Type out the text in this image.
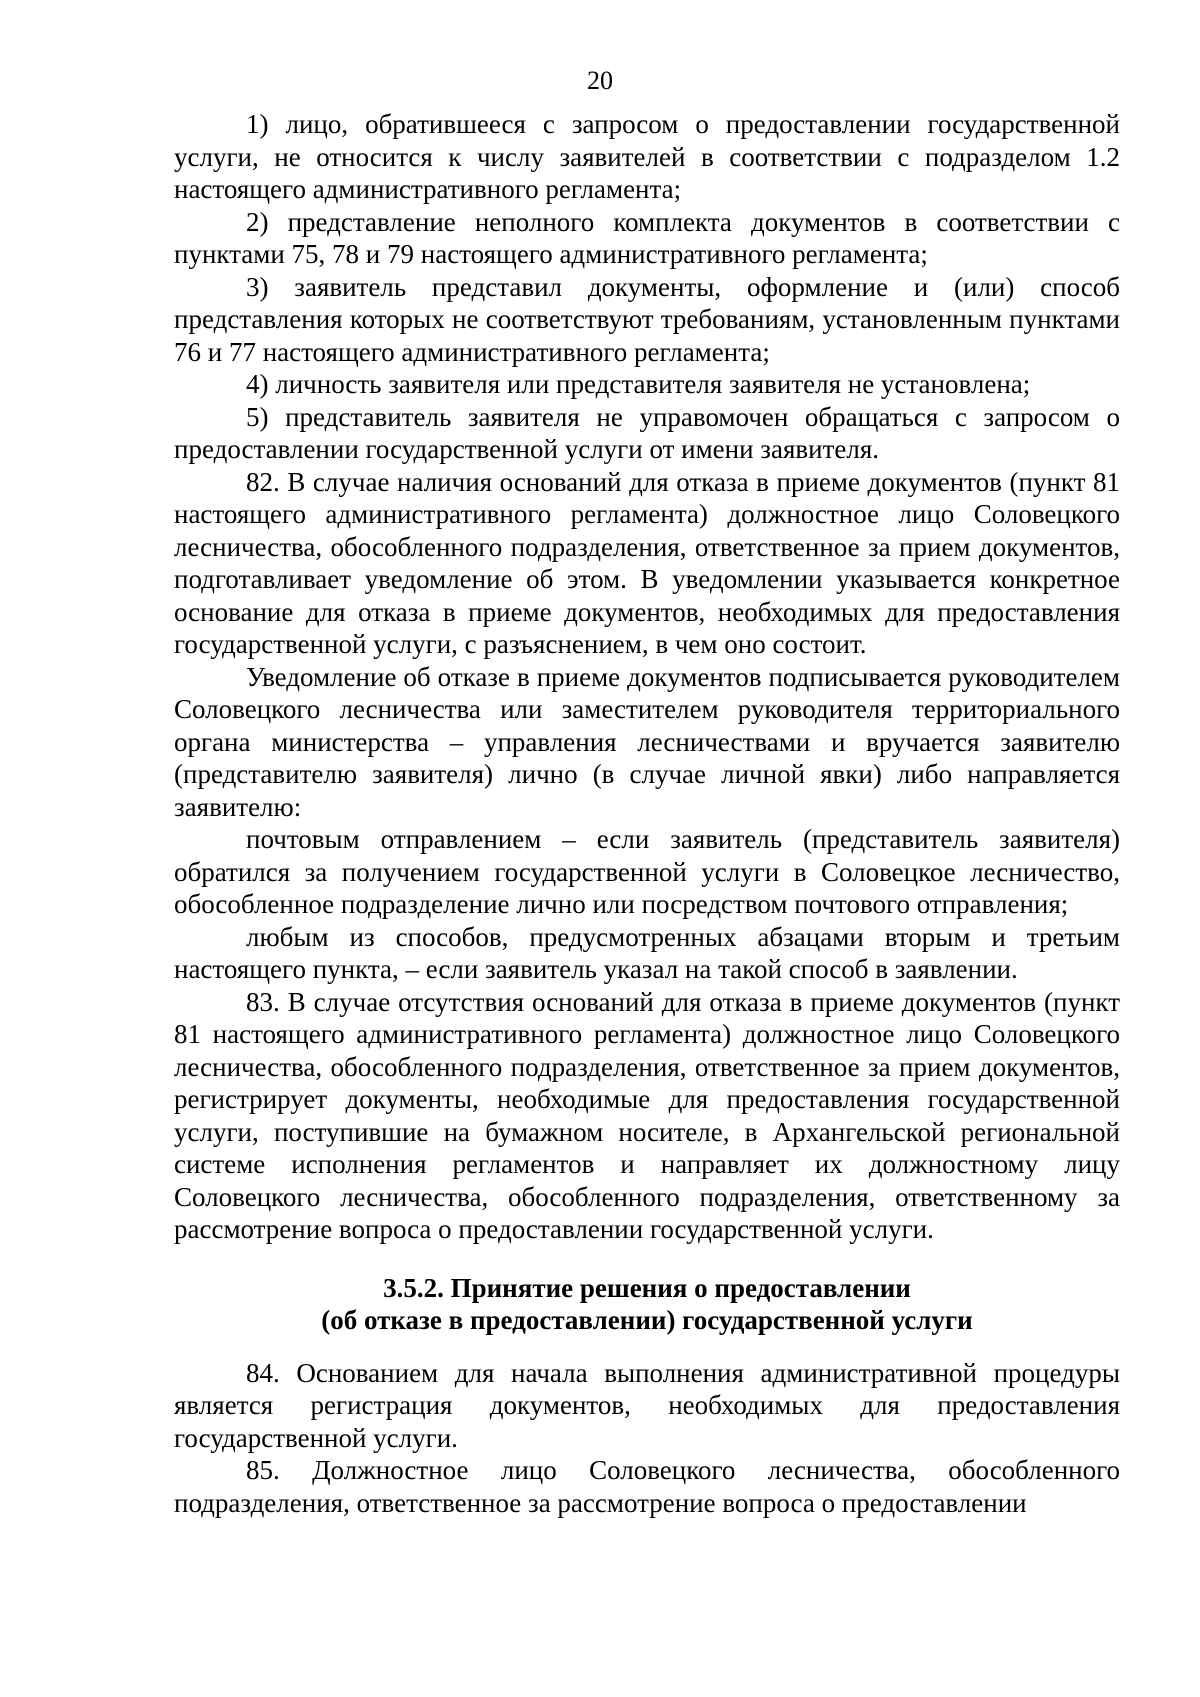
20

1) лицо, обратившееся с запросом о предоставлении государственной услуги, не относится к числу заявителей в соответствии с подразделом 1.2 настоящего административного регламента;

2) представление неполного комплекта документов в соответствии с пунктами 75, 78 и 79 настоящего административного регламента;

3) заявитель представил документы, оформление и (или) способ представления которых не соответствуют требованиям, установленным пунктами 76 и 77 настоящего административного регламента;

4) личность заявителя или представителя заявителя не установлена;

5) представитель заявителя не управомочен обращаться с запросом о предоставлении государственной услуги от имени заявителя.

82. В случае наличия оснований для отказа в приеме документов (пункт 81 настоящего административного регламента) должностное лицо Соловецкого лесничества, обособленного подразделения, ответственное за прием документов, подготавливает уведомление об этом. В уведомлении указывается конкретное основание для отказа в приеме документов, необходимых для предоставления государственной услуги, с разъяснением, в чем оно состоит.

Уведомление об отказе в приеме документов подписывается руководителем Соловецкого лесничества или заместителем руководителя территориального органа министерства – управления лесничествами и вручается заявителю (представителю заявителя) лично (в случае личной явки) либо направляется заявителю:

почтовым отправлением – если заявитель (представитель заявителя) обратился за получением государственной услуги в Соловецкое лесничество, обособленное подразделение лично или посредством почтового отправления;

любым из способов, предусмотренных абзацами вторым и третьим настоящего пункта, – если заявитель указал на такой способ в заявлении.

83. В случае отсутствия оснований для отказа в приеме документов (пункт 81 настоящего административного регламента) должностное лицо Соловецкого лесничества, обособленного подразделения, ответственное за прием документов, регистрирует документы, необходимые для предоставления государственной услуги, поступившие на бумажном носителе, в Архангельской региональной системе исполнения регламентов и направляет их должностному лицу Соловецкого лесничества, обособленного подразделения, ответственному за рассмотрение вопроса о предоставлении государственной услуги.

3.5.2. Принятие решения о предоставлении
(об отказе в предоставлении) государственной услуги

84. Основанием для начала выполнения административной процедуры является регистрация документов, необходимых для предоставления государственной услуги.

85. Должностное лицо Соловецкого лесничества, обособленного подразделения, ответственное за рассмотрение вопроса о предоставлении
